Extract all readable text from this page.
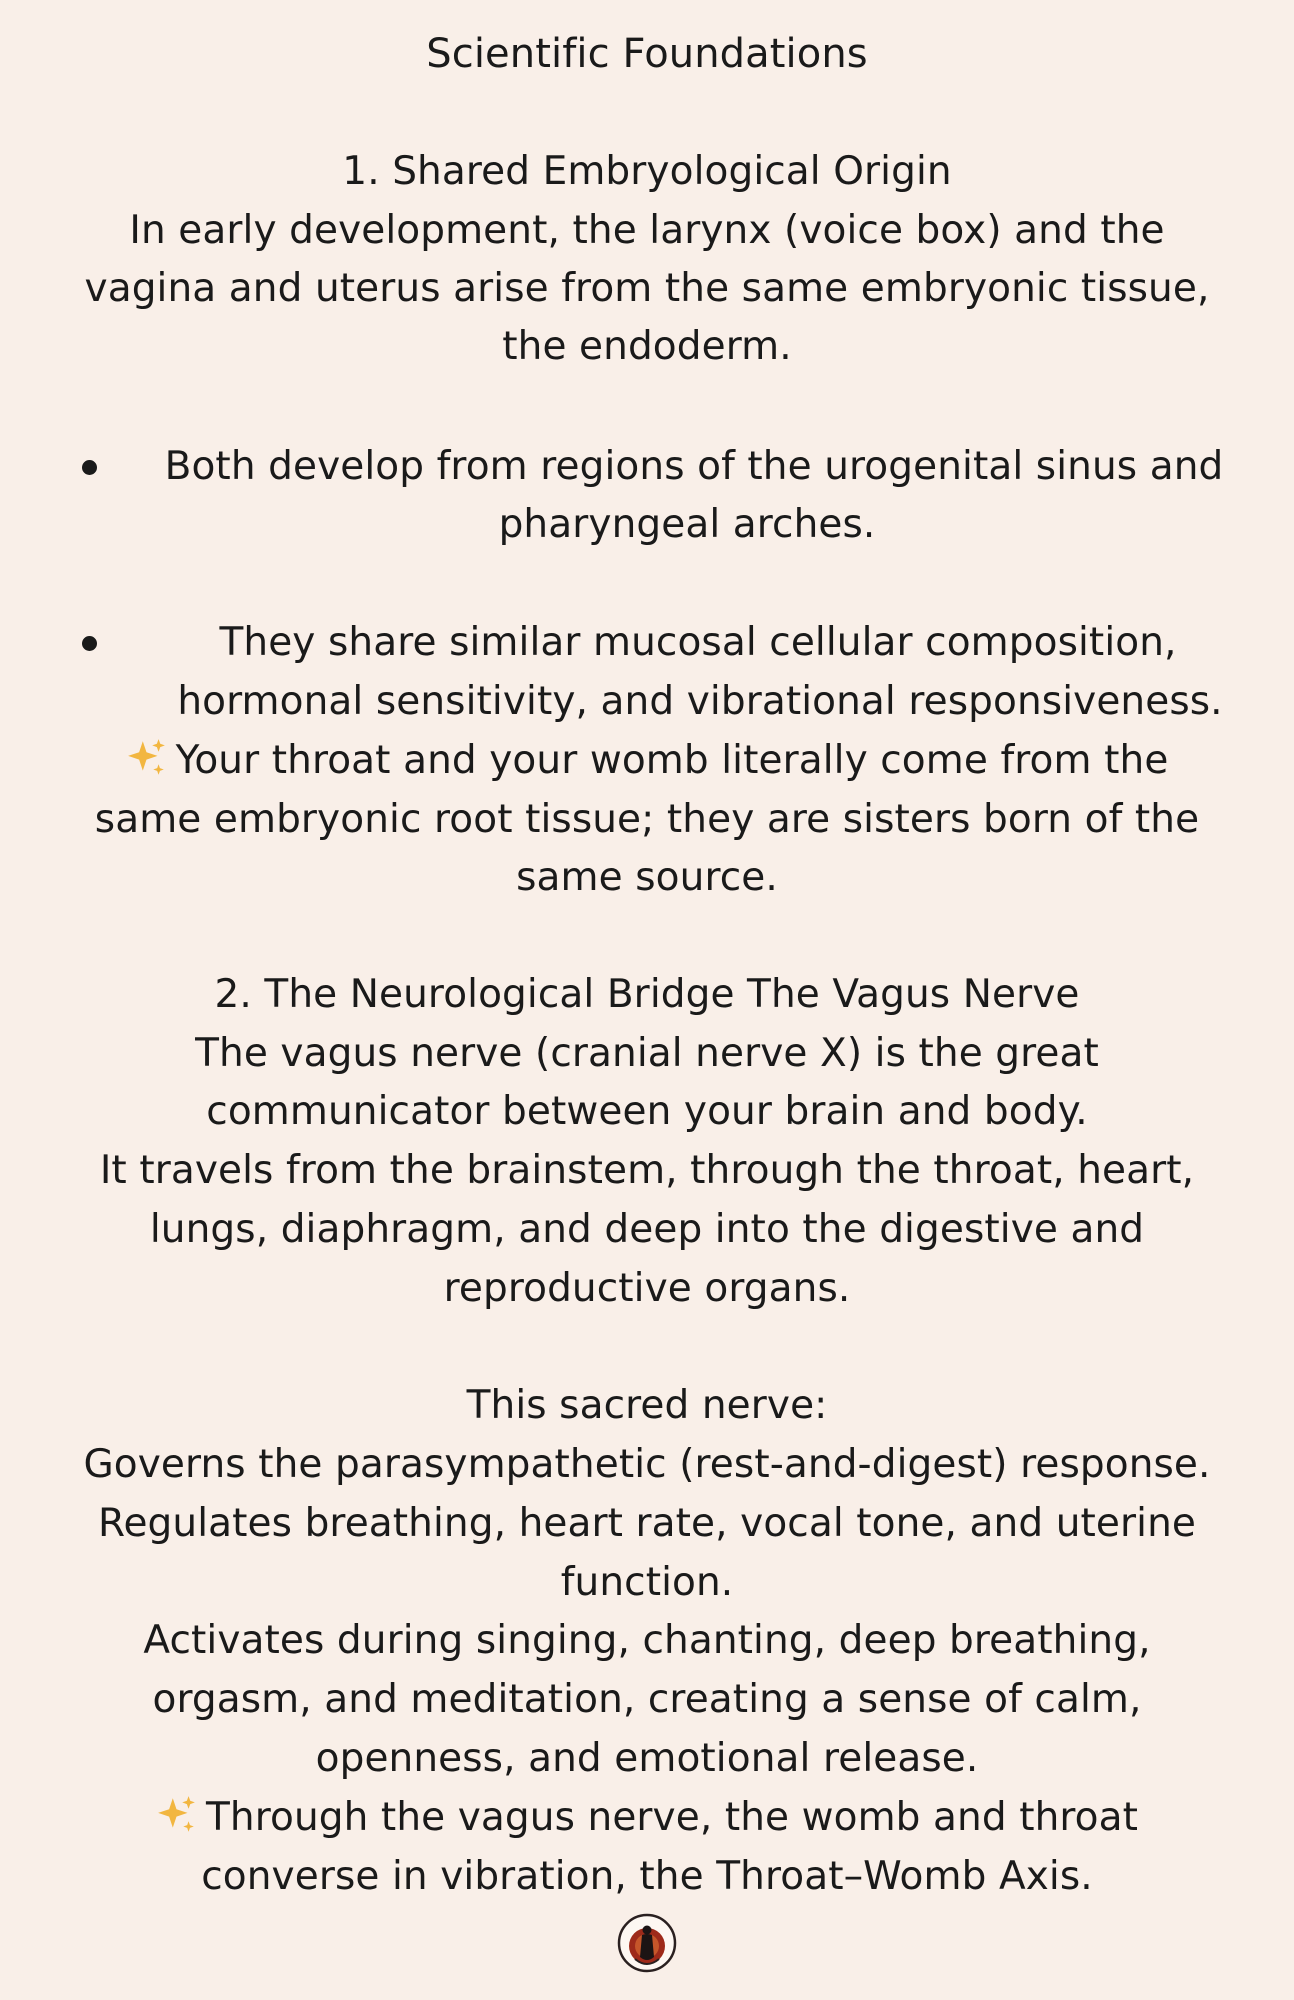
Scientific Foundations
1. Shared Embryological Origin
In early development, the larynx (voice box) and the
vagina and uterus arise from the same embryonic tissue,
the endoderm.
Both develop from regions of the urogenital sinus and
pharyngeal arches.
They share similar mucosal cellular composition,
hormonal sensitivity, and vibrational responsiveness.
Your throat and your womb literally come from the
same embryonic root tissue; they are sisters born of the
same source.
2. The Neurological Bridge The Vagus Nerve
The vagus nerve (cranial nerve X) is the great
communicator between your brain and body.
It travels from the brainstem, through the throat, heart,
lungs, diaphragm, and deep into the digestive and
reproductive organs.
This sacred nerve:
Governs the parasympathetic (rest-and-digest) response.
Regulates breathing, heart rate, vocal tone, and uterine
function.
Activates during singing, chanting, deep breathing,
orgasm, and meditation, creating a sense of calm,
openness, and emotional release.
Through the vagus nerve, the womb and throat
converse in vibration, the Throat–Womb Axis.
